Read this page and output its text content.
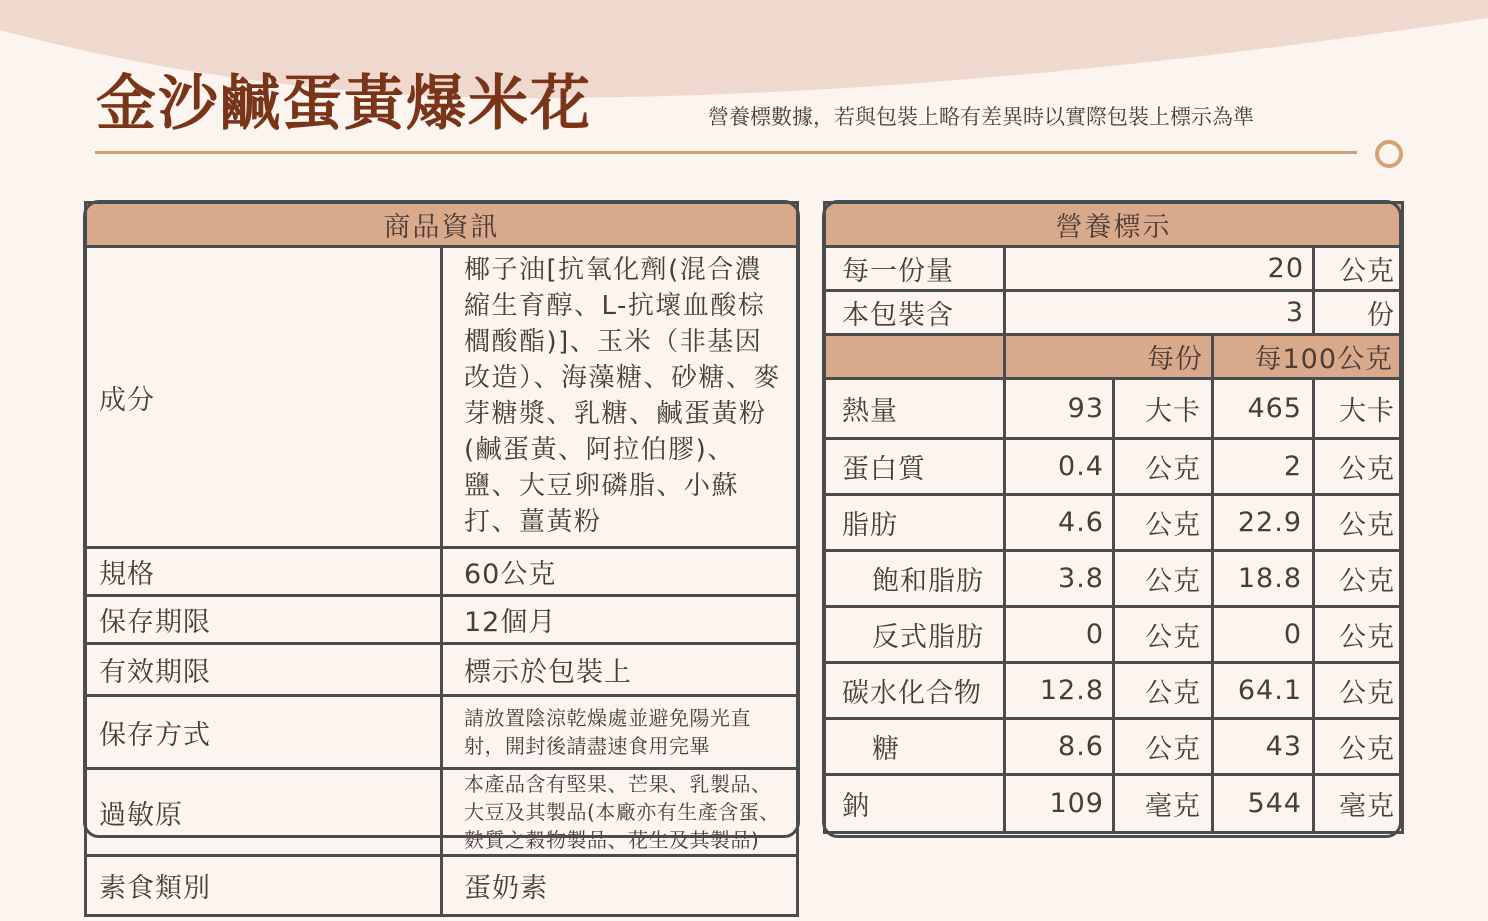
金沙鹹蛋黃爆米花	營養標數據，若與包裝上略有差異時以實際包裝上標示為準
商品資訊	
成分	椰子油[抗氧化劑(混合濃縮生育醇、L-抗壞血酸棕櫚酸酯)]、玉米（非基因改造）、海藻糖、砂糖、麥芽糖漿、乳糖、鹹蛋黃粉(鹹蛋黃、阿拉伯膠)、鹽、大豆卵磷脂、小蘇打、薑黃粉
規格	60公克
保存期限	12個月
有效期限	標示於包裝上
保存方式	請放置陰涼乾燥處並避免陽光直射，開封後請盡速食用完畢
過敏原	本產品含有堅果、芒果、乳製品、大豆及其製品(本廠亦有生產含蛋、麩質之穀物製品、花生及其製品)
素食類別	蛋奶素
營養標示				
每一份量	20			公克
本包裝含	3			份
	每份		每100公克	
熱量	93	大卡	465	大卡
蛋白質	0.4	公克	2	公克
脂肪	4.6	公克	22.9	公克
飽和脂肪	3.8	公克	18.8	公克
反式脂肪	0	公克	0	公克
碳水化合物	12.8	公克	64.1	公克
糖	8.6	公克	43	公克
鈉	109	毫克	544	毫克
